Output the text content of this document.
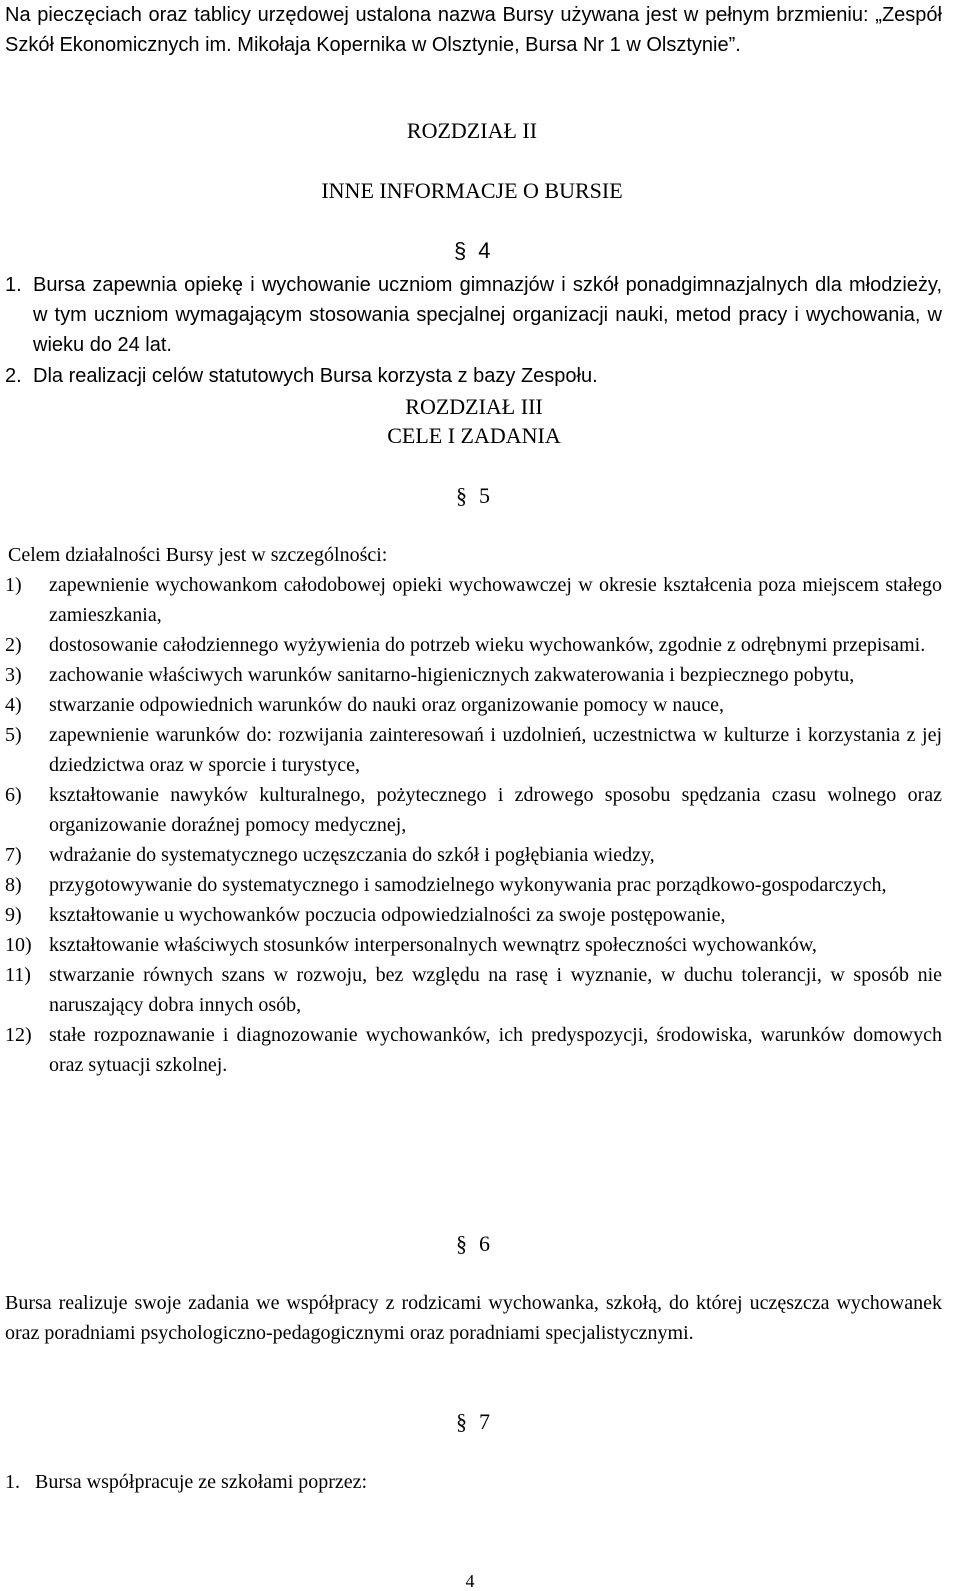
Na pieczęciach oraz tablicy urzędowej ustalona nazwa Bursy używana jest w pełnym brzmieniu: „Zespół Szkół Ekonomicznych im. Mikołaja Kopernika w Olsztynie, Bursa Nr 1 w Olsztynie”.
ROZDZIAŁ II
INNE INFORMACJE O BURSIE
§ 4
1. Bursa zapewnia opiekę i wychowanie uczniom gimnazjów i szkół ponadgimnazjalnych dla młodzieży, w tym uczniom wymagającym stosowania specjalnej organizacji nauki, metod pracy i wychowania, w wieku do 24 lat.
2. Dla realizacji celów statutowych Bursa korzysta z bazy Zespołu.
ROZDZIAŁ III
CELE I ZADANIA
§ 5
Celem działalności Bursy jest w szczególności:
1)	zapewnienie wychowankom całodobowej opieki wychowawczej w okresie kształcenia poza miejscem stałego zamieszkania,
2)	dostosowanie całodziennego wyżywienia do potrzeb wieku wychowanków, zgodnie z odrębnymi przepisami.
3)	zachowanie właściwych warunków sanitarno-higienicznych zakwaterowania i bezpiecznego pobytu,
4)	stwarzanie odpowiednich warunków do nauki oraz organizowanie pomocy w nauce,
5)	zapewnienie warunków do: rozwijania zainteresowań i uzdolnień, uczestnictwa w kulturze i korzystania z jej dziedzictwa oraz w sporcie i turystyce,
6)	kształtowanie nawyków kulturalnego, pożytecznego i zdrowego sposobu spędzania czasu wolnego oraz organizowanie doraźnej pomocy medycznej,
7)	wdrażanie do systematycznego uczęszczania do szkół i pogłębiania wiedzy,
8)	przygotowywanie do systematycznego i samodzielnego wykonywania prac porządkowo-gospodarczych,
9)	kształtowanie u wychowanków poczucia odpowiedzialności za swoje postępowanie,
10) kształtowanie właściwych stosunków interpersonalnych wewnątrz społeczności wychowanków,
11) stwarzanie równych szans w rozwoju, bez względu na rasę i wyznanie, w duchu tolerancji, w sposób nie naruszający dobra innych osób,
12) stałe rozpoznawanie i diagnozowanie wychowanków, ich predyspozycji, środowiska, warunków domowych oraz sytuacji szkolnej.
§ 6
Bursa realizuje swoje zadania we współpracy z rodzicami wychowanka, szkołą, do której uczęszcza wychowanek oraz poradniami psychologiczno-pedagogicznymi oraz poradniami specjalistycznymi.
§ 7
1. Bursa współpracuje ze szkołami poprzez:
4
